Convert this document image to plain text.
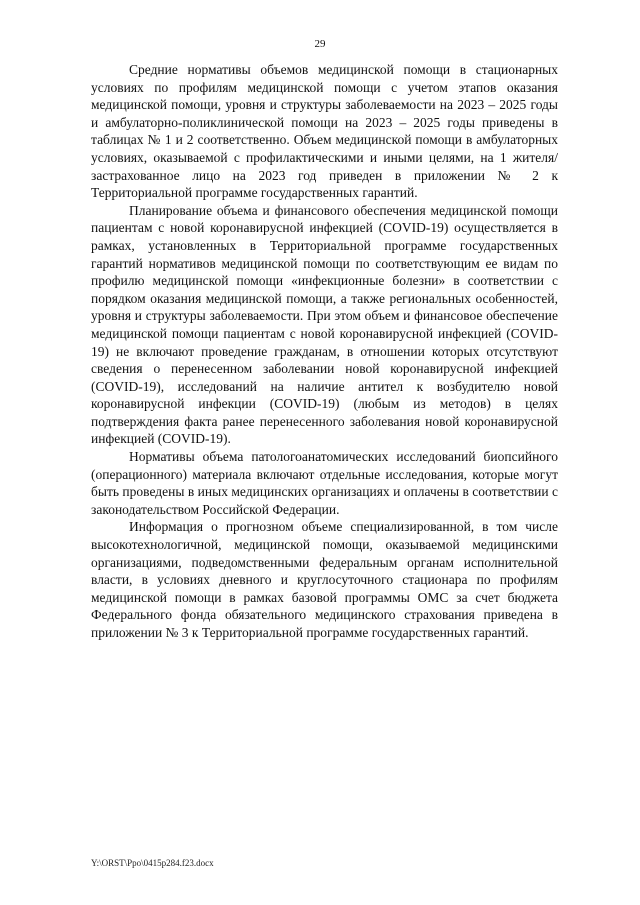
29

Средние нормативы объемов медицинской помощи в стационарных условиях по профилям медицинской помощи с учетом этапов оказания медицинской помощи, уровня и структуры заболеваемости на 2023 – 2025 годы и амбулаторно-поликлинической помощи на 2023 – 2025 годы приведены в таблицах № 1 и 2 соответственно. Объем медицинской помощи в амбулаторных условиях, оказываемой с профилактическими и иными целями, на 1 жителя/застрахованное лицо на 2023 год приведен в приложении № 2 к Территориальной программе государственных гарантий.

Планирование объема и финансового обеспечения медицинской помощи пациентам с новой коронавирусной инфекцией (COVID-19) осуществляется в рамках, установленных в Территориальной программе государственных гарантий нормативов медицинской помощи по соответствующим ее видам по профилю медицинской помощи «инфекционные болезни» в соответствии с порядком оказания медицинской помощи, а также региональных особенностей, уровня и структуры заболеваемости. При этом объем и финансовое обеспечение медицинской помощи пациентам с новой коронавирусной инфекцией (COVID-19) не включают проведение гражданам, в отношении которых отсутствуют сведения о перенесенном заболевании новой коронавирусной инфекцией (COVID-19), исследований на наличие антител к возбудителю новой коронавирусной инфекции (COVID-19) (любым из методов) в целях подтверждения факта ранее перенесенного заболевания новой коронавирусной инфекцией (COVID-19).

Нормативы объема патологоанатомических исследований биопсийного (операционного) материала включают отдельные исследования, которые могут быть проведены в иных медицинских организациях и оплачены в соответствии с законодательством Российской Федерации.

Информация о прогнозном объеме специализированной, в том числе высокотехнологичной, медицинской помощи, оказываемой медицинскими организациями, подведомственными федеральным органам исполнительной власти, в условиях дневного и круглосуточного стационара по профилям медицинской помощи в рамках базовой программы ОМС за счет бюджета Федерального фонда обязательного медицинского страхования приведена в приложении № 3 к Территориальной программе государственных гарантий.

Y:\ORST\Ppo\0415p284.f23.docx
